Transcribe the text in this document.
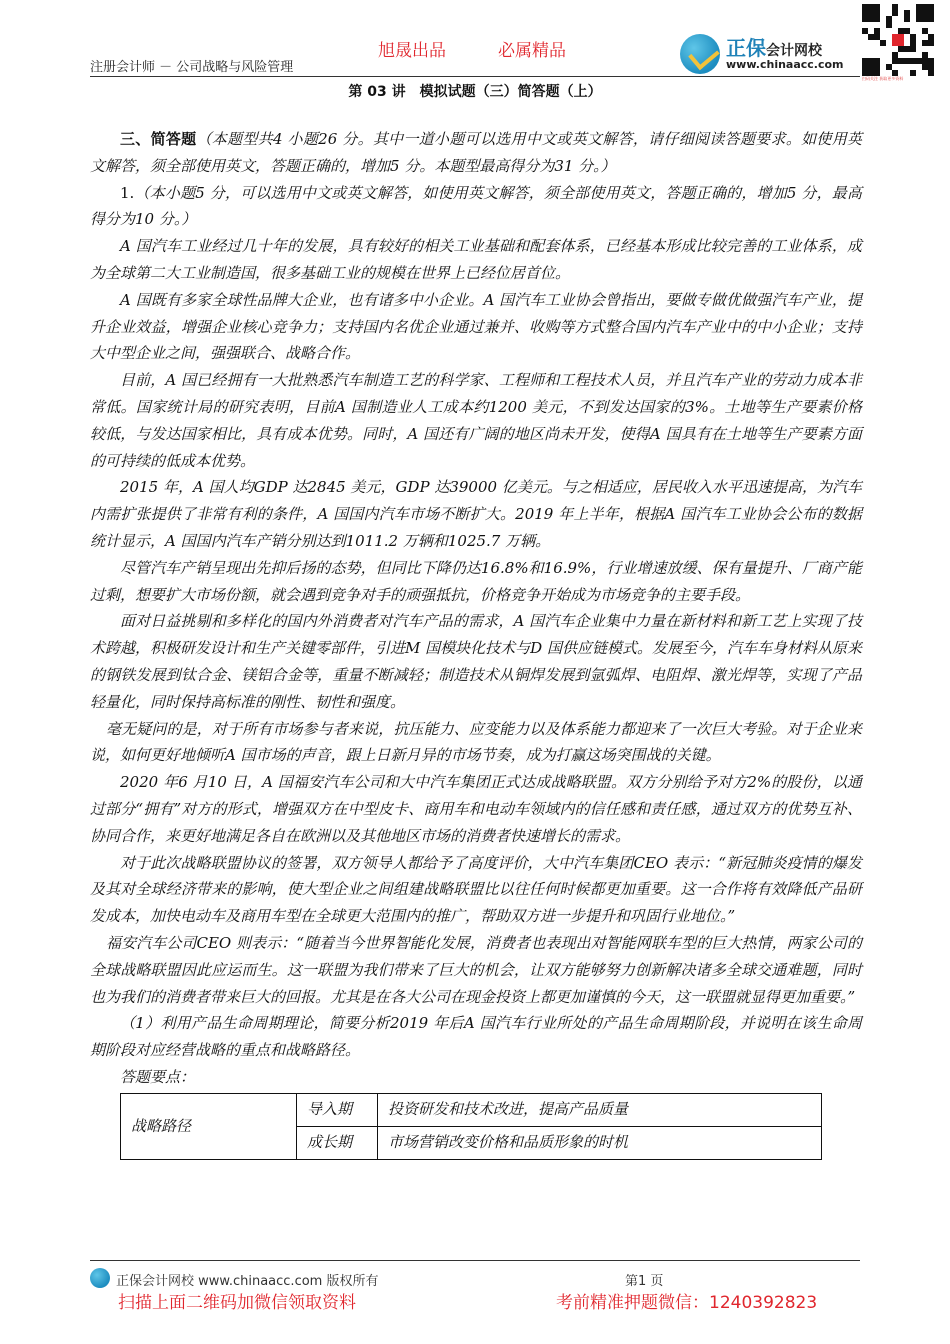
注册会计师 － 公司战略与风险管理
旭晟出品	必属精品	正保会计网校
www.chinaacc.com
扫码关注 获取更多资料
第 03 讲　模拟试题（三）简答题（上）

三、简答题（本题型共4 小题26 分。其中一道小题可以选用中文或英文解答，请仔细阅读答题要求。如使用英文解答，须全部使用英文，答题正确的，增加5 分。本题型最高得分为31 分。）

1.（本小题5 分，可以选用中文或英文解答，如使用英文解答，须全部使用英文，答题正确的，增加5 分，最高得分为10 分。）

A 国汽车工业经过几十年的发展，具有较好的相关工业基础和配套体系，已经基本形成比较完善的工业体系，成为全球第二大工业制造国，很多基础工业的规模在世界上已经位居首位。

A 国既有多家全球性品牌大企业，也有诸多中小企业。A 国汽车工业协会曾指出，要做专做优做强汽车产业，提升企业效益，增强企业核心竞争力；支持国内名优企业通过兼并、收购等方式整合国内汽车产业中的中小企业；支持大中型企业之间，强强联合、战略合作。

目前，A 国已经拥有一大批熟悉汽车制造工艺的科学家、工程师和工程技术人员，并且汽车产业的劳动力成本非常低。国家统计局的研究表明，目前A 国制造业人工成本约1200 美元，不到发达国家的3%。土地等生产要素价格较低，与发达国家相比，具有成本优势。同时，A 国还有广阔的地区尚未开发，使得A 国具有在土地等生产要素方面的可持续的低成本优势。

2015 年，A 国人均GDP 达2845 美元，GDP 达39000 亿美元。与之相适应，居民收入水平迅速提高，为汽车内需扩张提供了非常有利的条件，A 国国内汽车市场不断扩大。2019 年上半年，根据A 国汽车工业协会公布的数据统计显示，A 国国内汽车产销分别达到1011.2 万辆和1025.7 万辆。

尽管汽车产销呈现出先抑后扬的态势，但同比下降仍达16.8%和16.9%，行业增速放缓、保有量提升、厂商产能过剩，想要扩大市场份额，就会遇到竞争对手的顽强抵抗，价格竞争开始成为市场竞争的主要手段。

面对日益挑剔和多样化的国内外消费者对汽车产品的需求，A 国汽车企业集中力量在新材料和新工艺上实现了技术跨越，积极研发设计和生产关键零部件，引进M 国模块化技术与D 国供应链模式。发展至今，汽车车身材料从原来的钢铁发展到钛合金、镁铝合金等，重量不断减轻；制造技术从铜焊发展到氩弧焊、电阻焊、激光焊等，实现了产品轻量化，同时保持高标准的刚性、韧性和强度。

毫无疑问的是，对于所有市场参与者来说，抗压能力、应变能力以及体系能力都迎来了一次巨大考验。对于企业来说，如何更好地倾听A 国市场的声音，跟上日新月异的市场节奏，成为打赢这场突围战的关键。

2020 年6 月10 日，A 国福安汽车公司和大中汽车集团正式达成战略联盟。双方分别给予对方2%的股份，以通过部分“拥有”对方的形式，增强双方在中型皮卡、商用车和电动车领域内的信任感和责任感，通过双方的优势互补、协同合作，来更好地满足各自在欧洲以及其他地区市场的消费者快速增长的需求。

对于此次战略联盟协议的签署，双方领导人都给予了高度评价，大中汽车集团CEO 表示：“新冠肺炎疫情的爆发及其对全球经济带来的影响，使大型企业之间组建战略联盟比以往任何时候都更加重要。这一合作将有效降低产品研发成本，加快电动车及商用车型在全球更大范围内的推广，帮助双方进一步提升和巩固行业地位。”

福安汽车公司CEO 则表示：“随着当今世界智能化发展，消费者也表现出对智能网联车型的巨大热情，两家公司的全球战略联盟因此应运而生。这一联盟为我们带来了巨大的机会，让双方能够努力创新解决诸多全球交通难题，同时也为我们的消费者带来巨大的回报。尤其是在各大公司在现金投资上都更加谨慎的今天，这一联盟就显得更加重要。”

（1）利用产品生命周期理论，简要分析2019 年后A 国汽车行业所处的产品生命周期阶段，并说明在该生命周期阶段对应经营战略的重点和战略路径。

答题要点：

战略路径	导入期	投资研发和技术改进，提高产品质量
	成长期	市场营销改变价格和品质形象的时机
正保会计网校 www.chinaacc.com 版权所有	第1 页
扫描上面二维码加微信领取资料	考前精准押题微信：1240392823
